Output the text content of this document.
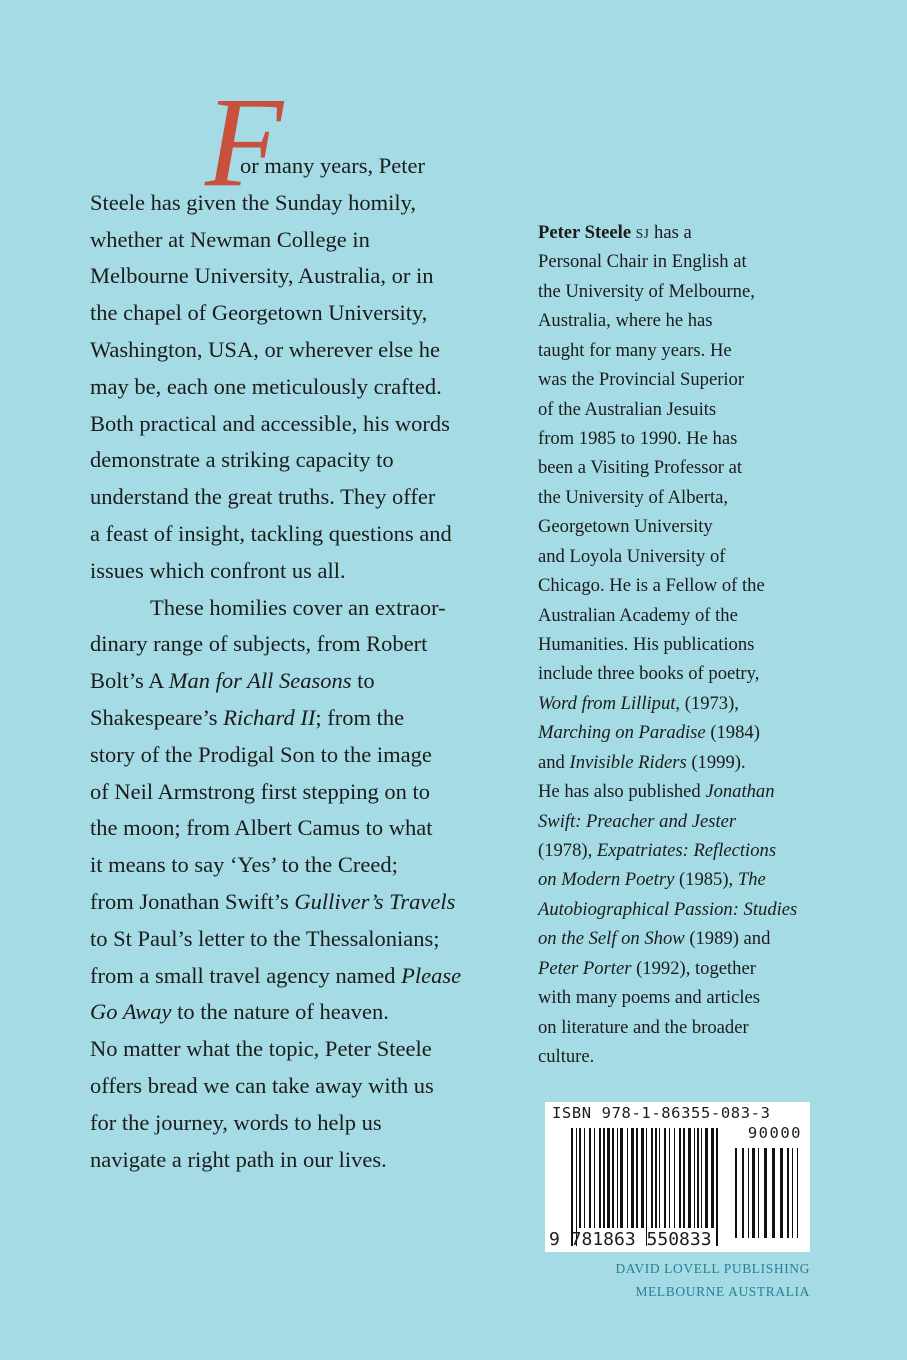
F
or many years, Peter
Steele has given the Sunday homily,
whether at Newman College in
Melbourne University, Australia, or in
the chapel of Georgetown University,
Washington, USA, or wherever else he
may be, each one meticulously crafted.
Both practical and accessible, his words
demonstrate a striking capacity to
understand the great truths. They offer
a feast of insight, tackling questions and
issues which confront us all.
These homilies cover an extraor-
dinary range of subjects, from Robert
Bolt’s A Man for All Seasons to
Shakespeare’s Richard II; from the
story of the Prodigal Son to the image
of Neil Armstrong first stepping on to
the moon; from Albert Camus to what
it means to say ‘Yes’ to the Creed;
from Jonathan Swift’s Gulliver’s Travels
to St Paul’s letter to the Thessalonians;
from a small travel agency named Please
Go Away to the nature of heaven.
No matter what the topic, Peter Steele
offers bread we can take away with us
for the journey, words to help us
navigate a right path in our lives.
Peter Steele SJ has a
Personal Chair in English at
the University of Melbourne,
Australia, where he has
taught for many years. He
was the Provincial Superior
of the Australian Jesuits
from 1985 to 1990. He has
been a Visiting Professor at
the University of Alberta,
Georgetown University
and Loyola University of
Chicago. He is a Fellow of the
Australian Academy of the
Humanities. His publications
include three books of poetry,
Word from Lilliput, (1973),
Marching on Paradise (1984)
and Invisible Riders (1999).
He has also published Jonathan
Swift: Preacher and Jester
(1978), Expatriates: Reflections
on Modern Poetry (1985), The
Autobiographical Passion: Studies
on the Self on Show (1989) and
Peter Porter (1992), together
with many poems and articles
on literature and the broader
culture.
ISBN 978-1-86355-083-3
90000
9 781863 550833
DAVID LOVELL PUBLISHING
MELBOURNE AUSTRALIA
